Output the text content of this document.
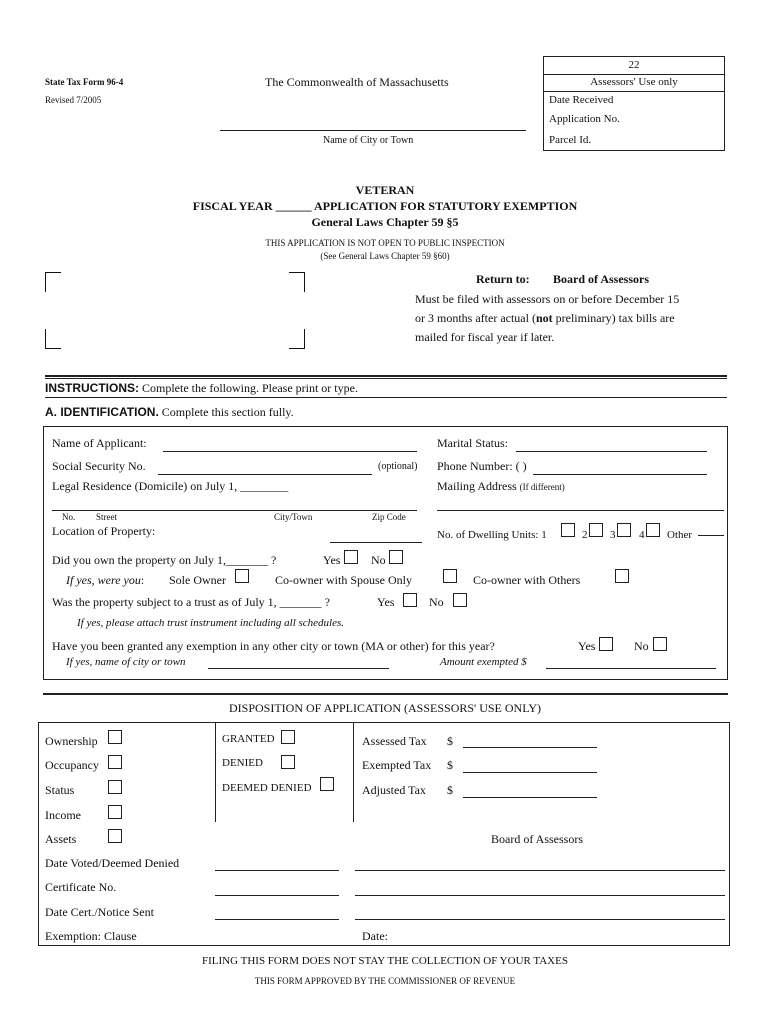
State Tax Form 96-4
Revised 7/2005
The Commonwealth of Massachusetts
Name of City or Town
22
Assessors' Use only
Date Received
Application No.
Parcel Id.
VETERAN
FISCAL YEAR ______ APPLICATION FOR STATUTORY EXEMPTION
General Laws Chapter 59 §5
THIS APPLICATION IS NOT OPEN TO PUBLIC INSPECTION
(See General Laws Chapter 59 §60)
Return to: Board of Assessors
Must be filed with assessors on or before December 15
or 3 months after actual (not preliminary) tax bills are
mailed for fiscal year if later.
INSTRUCTIONS: Complete the following. Please print or type.
A. IDENTIFICATION. Complete this section fully.
Name of Applicant:	Marital Status:
Social Security No.	(optional) Phone Number: ( )
Legal Residence (Domicile) on July 1, ________	Mailing Address (If different)
No. Street	City/Town	Zip Code
Location of Property:	No. of Dwelling Units: 1	2 3 4 Other
Did you own the property on July 1,_______ ?	Yes	No
If yes, were you: Sole Owner	Co-owner with Spouse Only	Co-owner with Others
Was the property subject to a trust as of July 1, _______ ?	Yes	No
If yes, please attach trust instrument including all schedules.
Have you been granted any exemption in any other city or town (MA or other) for this year?	Yes	No
If yes, name of city or town	Amount exempted $
DISPOSITION OF APPLICATION (ASSESSORS' USE ONLY)
Ownership
Occupancy
Status
Income
Assets
GRANTED
DENIED
DEEMED DENIED
Assessed Tax $
Exempted Tax $
Adjusted Tax $
Board of Assessors
Date Voted/Deemed Denied
Certificate No.
Date Cert./Notice Sent
Exemption: Clause	Date:
FILING THIS FORM DOES NOT STAY THE COLLECTION OF YOUR TAXES
THIS FORM APPROVED BY THE COMMISSIONER OF REVENUE
